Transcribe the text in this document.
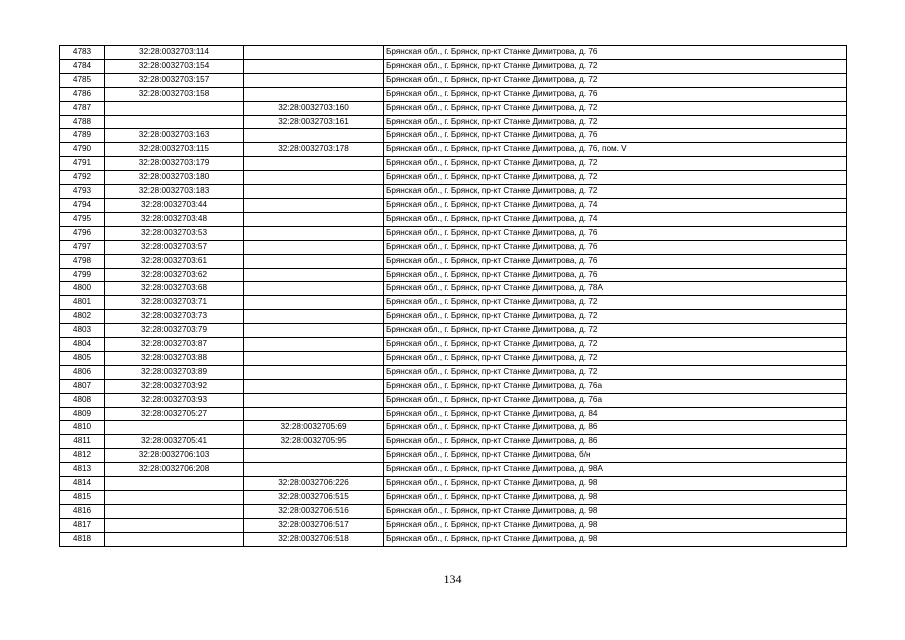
4783	32:28:0032703:114		Брянская обл., г. Брянск, пр-кт Станке Димитрова, д. 76
4784	32:28:0032703:154		Брянская обл., г. Брянск, пр-кт Станке Димитрова, д. 72
4785	32:28:0032703:157		Брянская обл., г. Брянск, пр-кт Станке Димитрова, д. 72
4786	32:28:0032703:158		Брянская обл., г. Брянск, пр-кт Станке Димитрова, д. 76
4787		32:28:0032703:160	Брянская обл., г. Брянск, пр-кт Станке Димитрова, д. 72
4788		32:28:0032703:161	Брянская обл., г. Брянск, пр-кт Станке Димитрова, д. 72
4789	32:28:0032703:163		Брянская обл., г. Брянск, пр-кт Станке Димитрова, д. 76
4790	32:28:0032703:115	32:28:0032703:178	Брянская обл., г. Брянск, пр-кт Станке Димитрова, д. 76, пом. V
4791	32:28:0032703:179		Брянская обл., г. Брянск, пр-кт Станке Димитрова, д. 72
4792	32:28:0032703:180		Брянская обл., г. Брянск, пр-кт Станке Димитрова, д. 72
4793	32:28:0032703:183		Брянская обл., г. Брянск, пр-кт Станке Димитрова, д. 72
4794	32:28:0032703:44		Брянская обл., г. Брянск, пр-кт Станке Димитрова, д. 74
4795	32:28:0032703:48		Брянская обл., г. Брянск, пр-кт Станке Димитрова, д. 74
4796	32:28:0032703:53		Брянская обл., г. Брянск, пр-кт Станке Димитрова, д. 76
4797	32:28:0032703:57		Брянская обл., г. Брянск, пр-кт Станке Димитрова, д. 76
4798	32:28:0032703:61		Брянская обл., г. Брянск, пр-кт Станке Димитрова, д. 76
4799	32:28:0032703:62		Брянская обл., г. Брянск, пр-кт Станке Димитрова, д. 76
4800	32:28:0032703:68		Брянская обл., г. Брянск, пр-кт Станке Димитрова, д. 78А
4801	32:28:0032703:71		Брянская обл., г. Брянск, пр-кт Станке Димитрова, д. 72
4802	32:28:0032703:73		Брянская обл., г. Брянск, пр-кт Станке Димитрова, д. 72
4803	32:28:0032703:79		Брянская обл., г. Брянск, пр-кт Станке Димитрова, д. 72
4804	32:28:0032703:87		Брянская обл., г. Брянск, пр-кт Станке Димитрова, д. 72
4805	32:28:0032703:88		Брянская обл., г. Брянск, пр-кт Станке Димитрова, д. 72
4806	32:28:0032703:89		Брянская обл., г. Брянск, пр-кт Станке Димитрова, д. 72
4807	32:28:0032703:92		Брянская обл., г. Брянск, пр-кт Станке Димитрова, д. 76а
4808	32:28:0032703:93		Брянская обл., г. Брянск, пр-кт Станке Димитрова, д. 76а
4809	32:28:0032705:27		Брянская обл., г. Брянск, пр-кт Станке Димитрова, д. 84
4810		32:28:0032705:69	Брянская обл., г. Брянск, пр-кт Станке Димитрова, д. 86
4811	32:28:0032705:41	32:28:0032705:95	Брянская обл., г. Брянск, пр-кт Станке Димитрова, д. 86
4812	32:28:0032706:103		Брянская обл., г. Брянск, пр-кт Станке Димитрова, б/н
4813	32:28:0032706:208		Брянская обл., г. Брянск, пр-кт Станке Димитрова, д. 98А
4814		32:28:0032706:226	Брянская обл., г. Брянск, пр-кт Станке Димитрова, д. 98
4815		32:28:0032706:515	Брянская обл., г. Брянск, пр-кт Станке Димитрова, д. 98
4816		32:28:0032706:516	Брянская обл., г. Брянск, пр-кт Станке Димитрова, д. 98
4817		32:28:0032706:517	Брянская обл., г. Брянск, пр-кт Станке Димитрова, д. 98
4818		32:28:0032706:518	Брянская обл., г. Брянск, пр-кт Станке Димитрова, д. 98
134
